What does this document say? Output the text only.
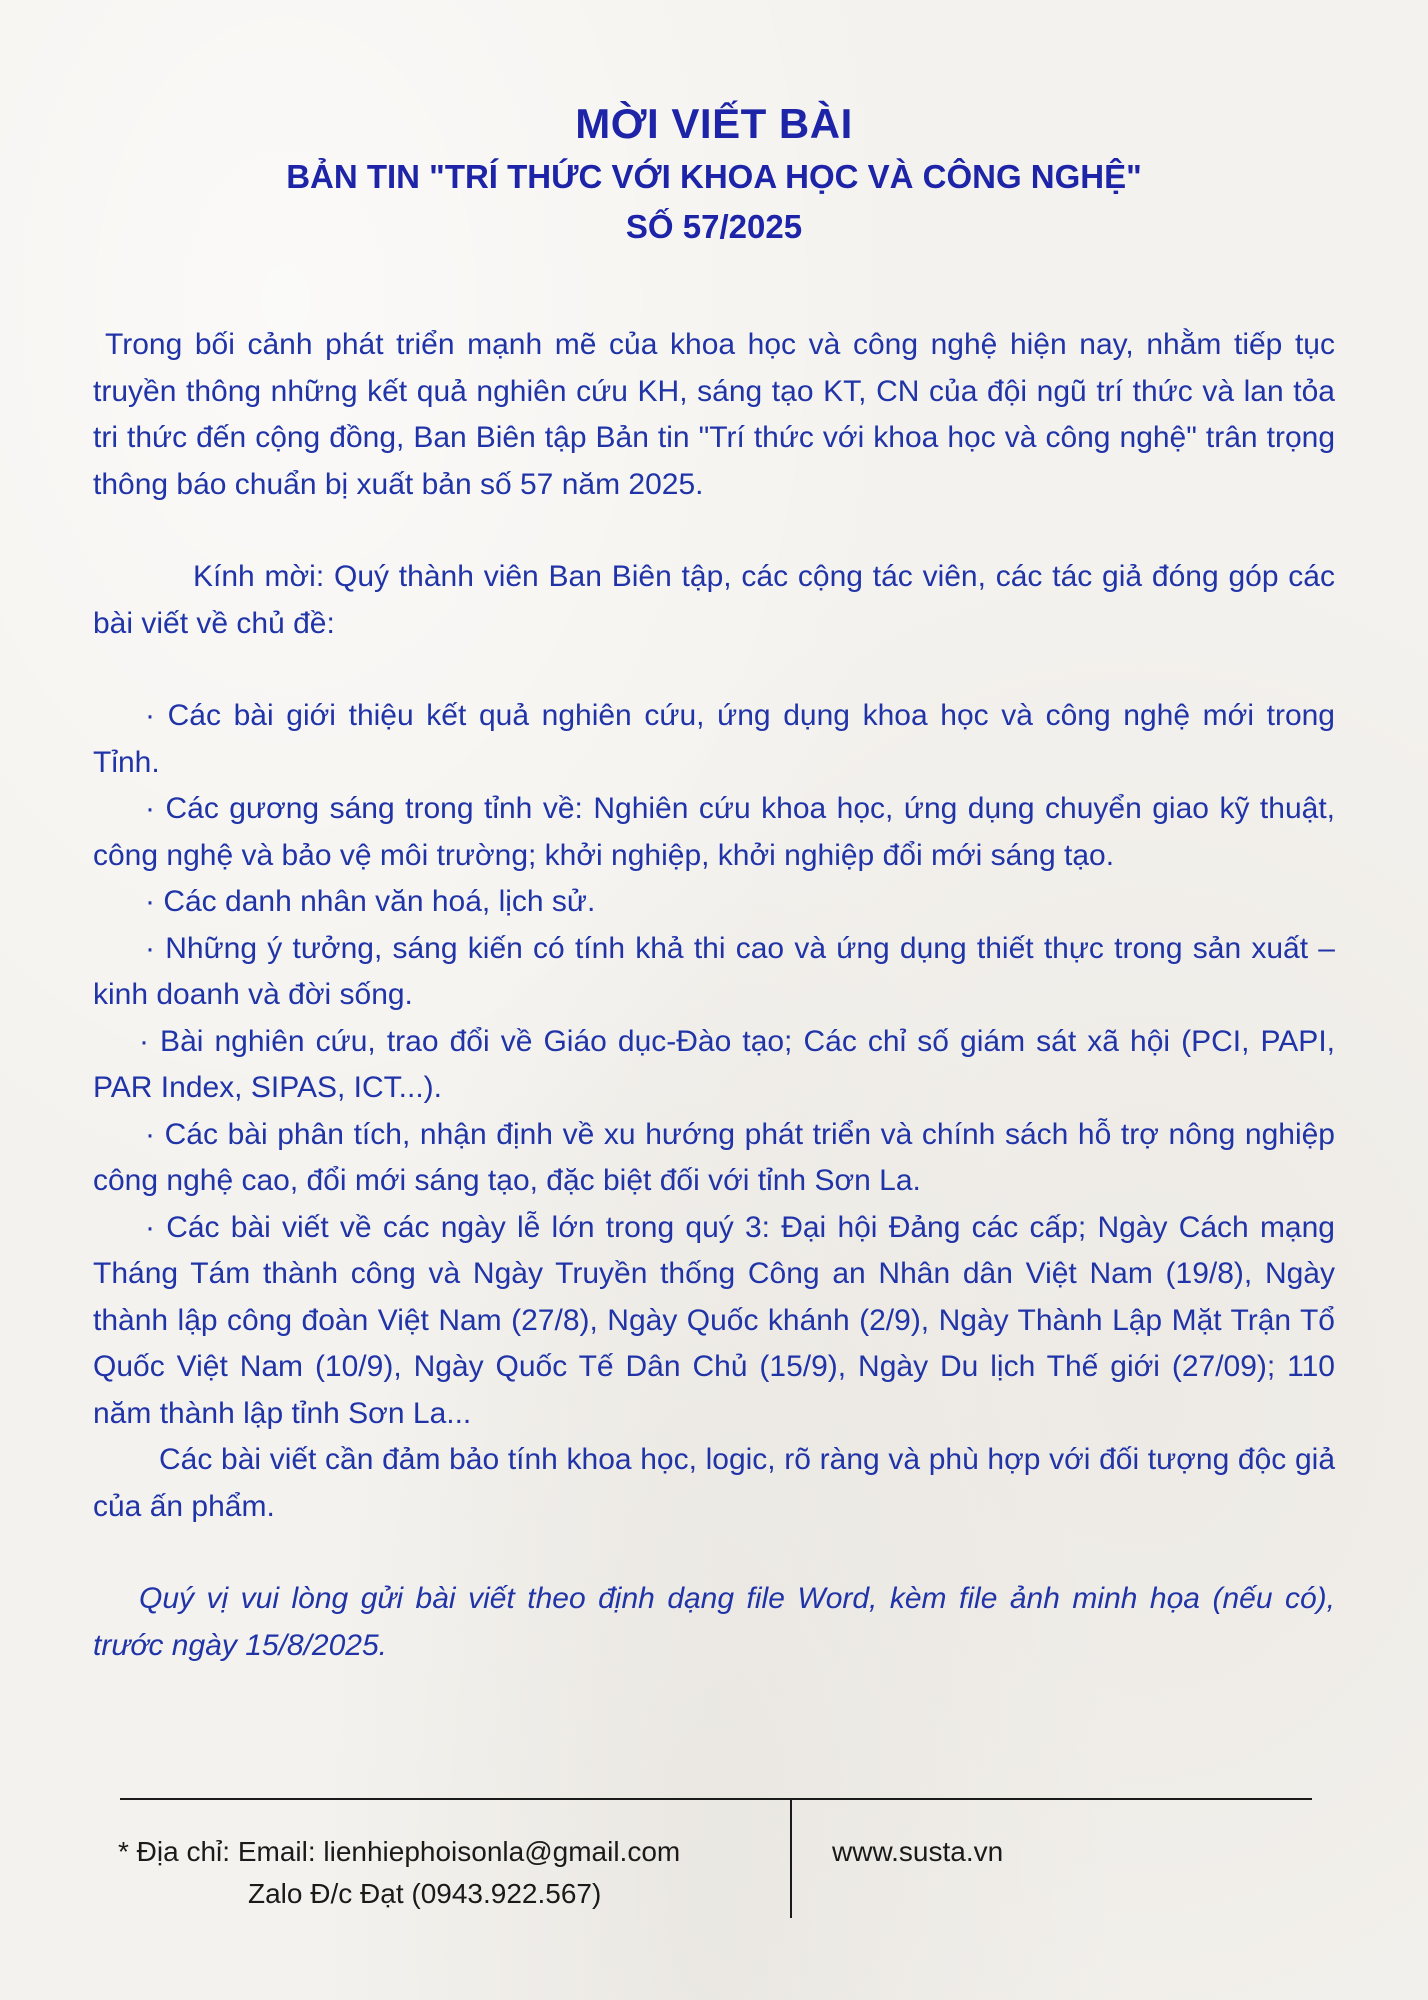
MỜI VIẾT BÀI
BẢN TIN "TRÍ THỨC VỚI KHOA HỌC VÀ CÔNG NGHỆ"
SỐ 57/2025

Trong bối cảnh phát triển mạnh mẽ của khoa học và công nghệ hiện nay, nhằm tiếp tục truyền thông những kết quả nghiên cứu KH, sáng tạo KT, CN của đội ngũ trí thức và lan tỏa tri thức đến cộng đồng, Ban Biên tập Bản tin "Trí thức với khoa học và công nghệ" trân trọng thông báo chuẩn bị xuất bản số 57 năm 2025.

Kính mời: Quý thành viên Ban Biên tập, các cộng tác viên, các tác giả đóng góp các bài viết về chủ đề:

· Các bài giới thiệu kết quả nghiên cứu, ứng dụng khoa học và công nghệ mới trong Tỉnh.

· Các gương sáng trong tỉnh về: Nghiên cứu khoa học, ứng dụng chuyển giao kỹ thuật, công nghệ và bảo vệ môi trường; khởi nghiệp, khởi nghiệp đổi mới sáng tạo.

· Các danh nhân văn hoá, lịch sử.

· Những ý tưởng, sáng kiến có tính khả thi cao và ứng dụng thiết thực trong sản xuất – kinh doanh và đời sống.

· Bài nghiên cứu, trao đổi về Giáo dục-Đào tạo; Các chỉ số giám sát xã hội (PCI, PAPI, PAR Index, SIPAS, ICT...).

· Các bài phân tích, nhận định về xu hướng phát triển và chính sách hỗ trợ nông nghiệp công nghệ cao, đổi mới sáng tạo, đặc biệt đối với tỉnh Sơn La.

· Các bài viết về các ngày lễ lớn trong quý 3: Đại hội Đảng các cấp; Ngày Cách mạng Tháng Tám thành công và Ngày Truyền thống Công an Nhân dân Việt Nam (19/8), Ngày thành lập công đoàn Việt Nam (27/8), Ngày Quốc khánh (2/9), Ngày Thành Lập Mặt Trận Tổ Quốc Việt Nam (10/9), Ngày Quốc Tế Dân Chủ (15/9), Ngày Du lịch Thế giới (27/09); 110 năm thành lập tỉnh Sơn La...

Các bài viết cần đảm bảo tính khoa học, logic, rõ ràng và phù hợp với đối tượng độc giả của ấn phẩm.

Quý vị vui lòng gửi bài viết theo định dạng file Word, kèm file ảnh minh họa (nếu có), trước ngày 15/8/2025.

* Địa chỉ: Email: lienhiephoisonla@gmail.com
Zalo Đ/c Đạt (0943.922.567)
www.susta.vn
